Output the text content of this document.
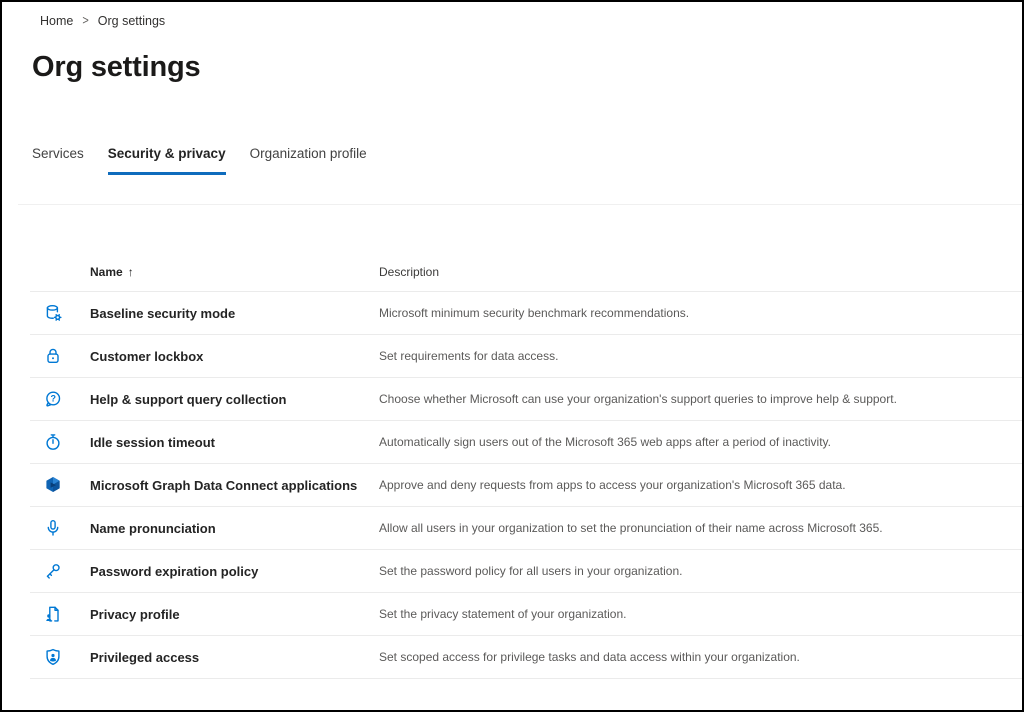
Home > Org settings
Org settings
Services Security & privacy Organization profile
Name ↑	Description
Baseline security mode	Microsoft minimum security benchmark recommendations.
Customer lockbox	Set requirements for data access.
?	Help & support query collection	Choose whether Microsoft can use your organization's support queries to improve help & support.
Idle session timeout	Automatically sign users out of the Microsoft 365 web apps after a period of inactivity.
Microsoft Graph Data Connect applications	Approve and deny requests from apps to access your organization's Microsoft 365 data.
Name pronunciation	Allow all users in your organization to set the pronunciation of their name across Microsoft 365.
Password expiration policy	Set the password policy for all users in your organization.
Privacy profile	Set the privacy statement of your organization.
Privileged access	Set scoped access for privilege tasks and data access within your organization.
